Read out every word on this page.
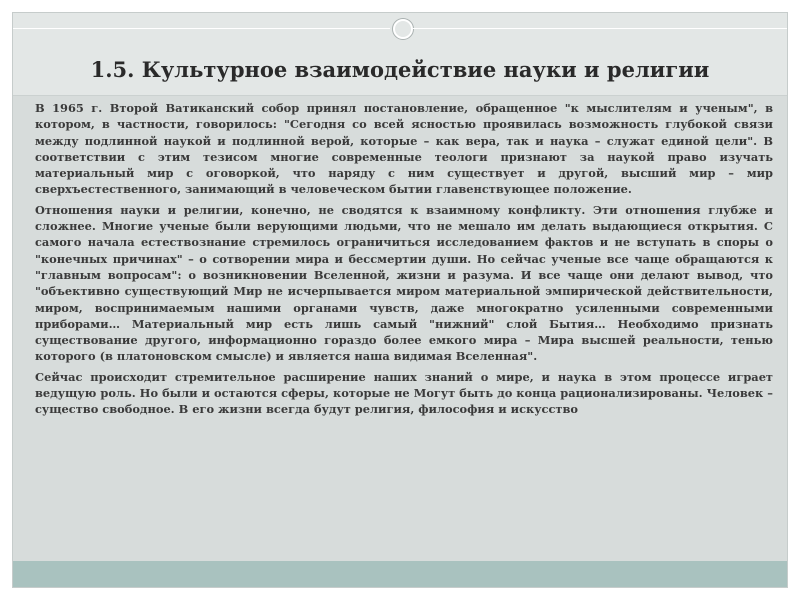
1.5. Культурное взаимодействие науки и религии

В 1965 г. Второй Ватиканский собор принял постановление, обращенное "к мыслителям и ученым", в котором, в частности, говорилось: "Сегодня со всей ясностью проявилась возможность глубокой связи между подлинной наукой и подлинной верой, которые – как вера, так и наука – служат единой цели". В соответствии с этим тезисом многие современные теологи признают за наукой право изучать материальный мир с оговоркой, что наряду с ним существует и другой, высший мир – мир сверхъестественного, занимающий в человеческом бытии главенствующее положение.

Отношения науки и религии, конечно, не сводятся к взаимному конфликту. Эти отношения глубже и сложнее. Многие ученые были верующими людьми, что не мешало им делать выдающиеся открытия. С самого начала естествознание стремилось ограничиться исследованием фактов и не вступать в споры о "конечных причинах" – о сотворении мира и бессмертии души. Но сейчас ученые все чаще обращаются к "главным вопросам": о возникновении Вселенной, жизни и разума. И все чаще они делают вывод, что "объективно существующий Мир не исчерпывается миром материальной эмпирической действительности, миром, воспринимаемым нашими органами чувств, даже многократно усиленными современными приборами… Материальный мир есть лишь самый "нижний" слой Бытия… Необходимо признать существование другого, информационно гораздо более емкого мира – Мира высшей реальности, тенью которого (в платоновском смысле) и является наша видимая Вселенная".

Сейчас происходит стремительное расширение наших знаний о мире, и наука в этом процессе играет ведущую роль. Но были и остаются сферы, которые не Могут быть до конца рационализированы. Человек – существо свободное. В его жизни всегда будут религия, философия и искусство
